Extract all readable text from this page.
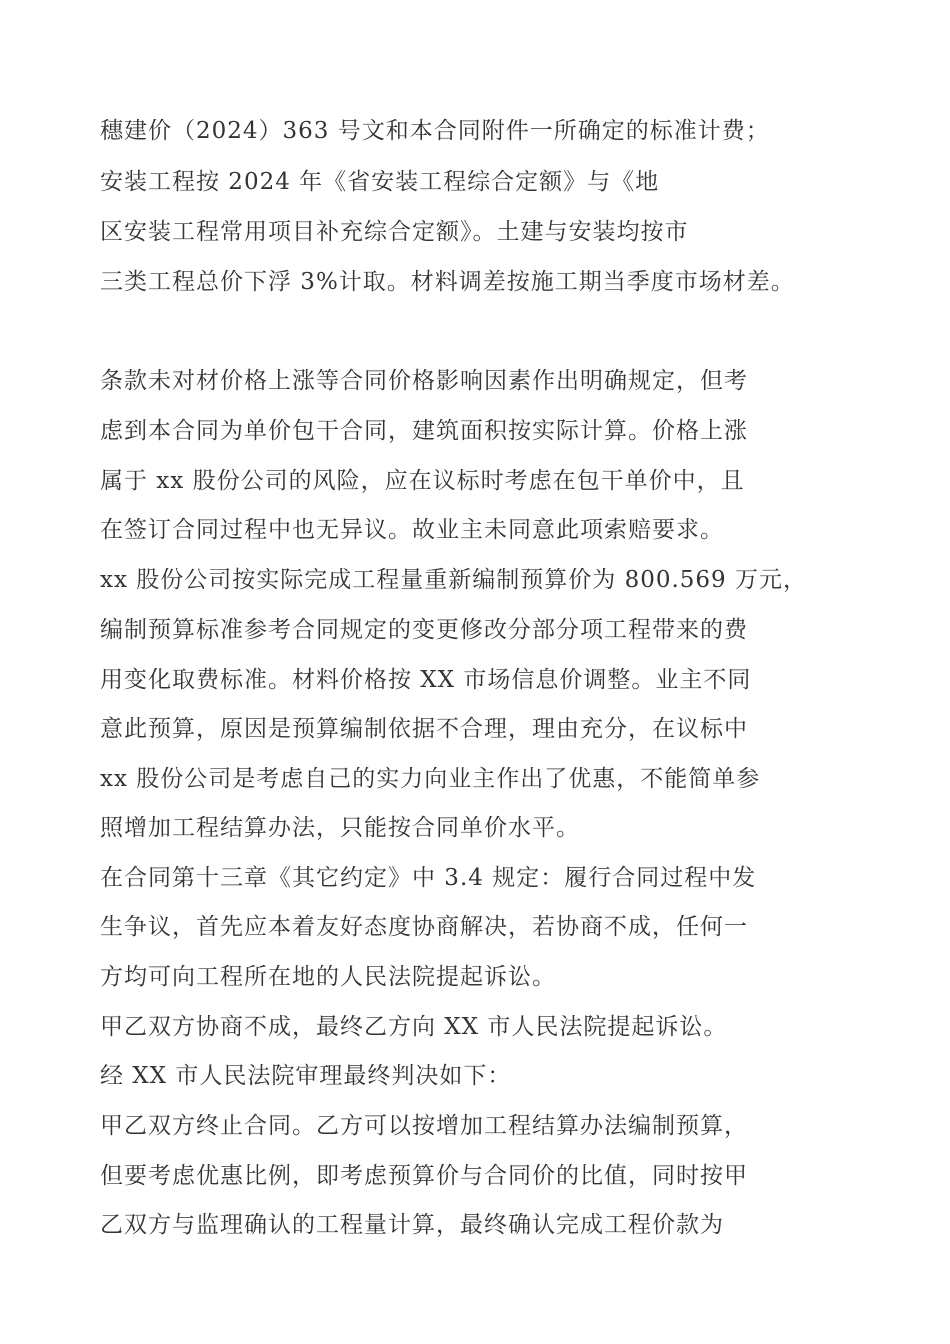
穗建价（2024）363 号文和本合同附件一所确定的标准计费；
安装工程按 2024 年《省安装工程综合定额》与《地
区安装工程常用项目补充综合定额》。土建与安装均按市
三类工程总价下浮 3%计取。材料调差按施工期当季度市场材差。
条款未对材价格上涨等合同价格影响因素作出明确规定，但考
虑到本合同为单价包干合同，建筑面积按实际计算。价格上涨
属于 xx 股份公司的风险，应在议标时考虑在包干单价中，且
在签订合同过程中也无异议。故业主未同意此项索赔要求。
xx 股份公司按实际完成工程量重新编制预算价为 800.569 万元，
编制预算标准参考合同规定的变更修改分部分项工程带来的费
用变化取费标准。材料价格按 XX 市场信息价调整。业主不同
意此预算，原因是预算编制依据不合理，理由充分，在议标中
xx 股份公司是考虑自己的实力向业主作出了优惠，不能简单参
照增加工程结算办法，只能按合同单价水平。
在合同第十三章《其它约定》中 3.4 规定：履行合同过程中发
生争议，首先应本着友好态度协商解决，若协商不成，任何一
方均可向工程所在地的人民法院提起诉讼。
甲乙双方协商不成，最终乙方向 XX 市人民法院提起诉讼。
经 XX 市人民法院审理最终判决如下：
甲乙双方终止合同。乙方可以按增加工程结算办法编制预算，
但要考虑优惠比例，即考虑预算价与合同价的比值，同时按甲
乙双方与监理确认的工程量计算，最终确认完成工程价款为
